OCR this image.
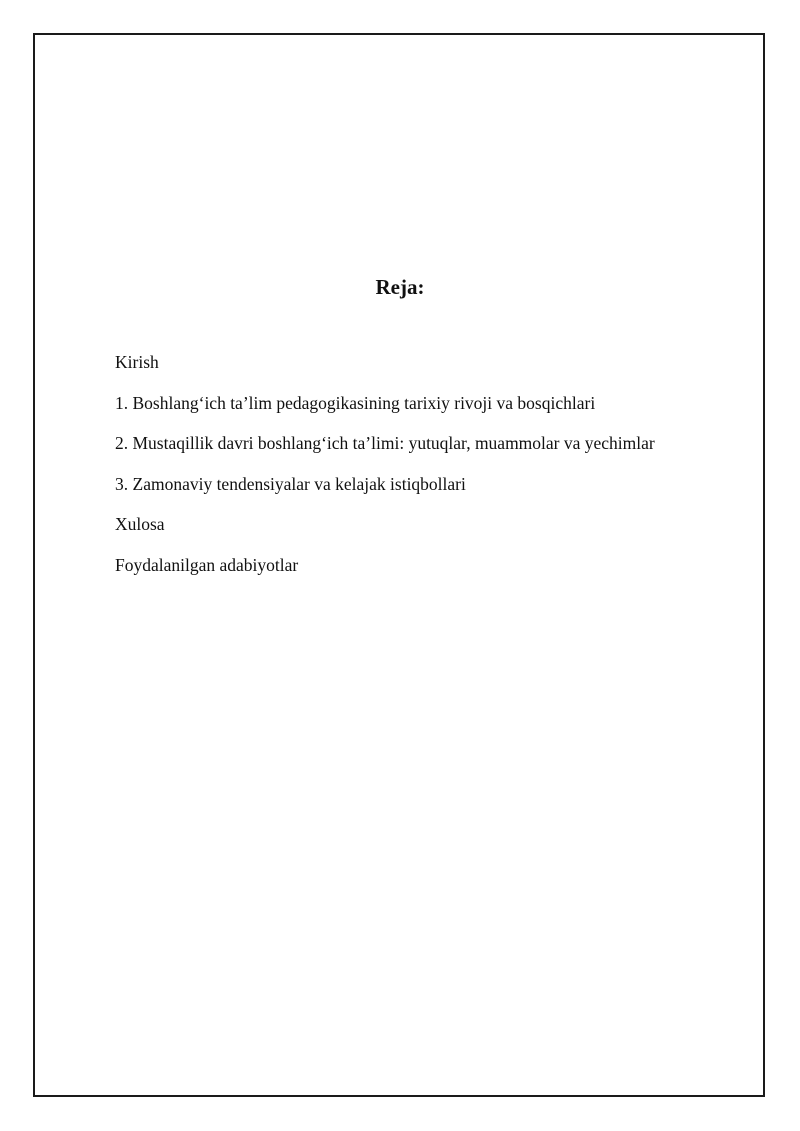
Reja:
Kirish
1. Boshlang‘ich ta’lim pedagogikasining tarixiy rivoji va bosqichlari
2. Mustaqillik davri boshlang‘ich ta’limi: yutuqlar, muammolar va yechimlar
3. Zamonaviy tendensiyalar va kelajak istiqbollari
Xulosa
Foydalanilgan adabiyotlar
